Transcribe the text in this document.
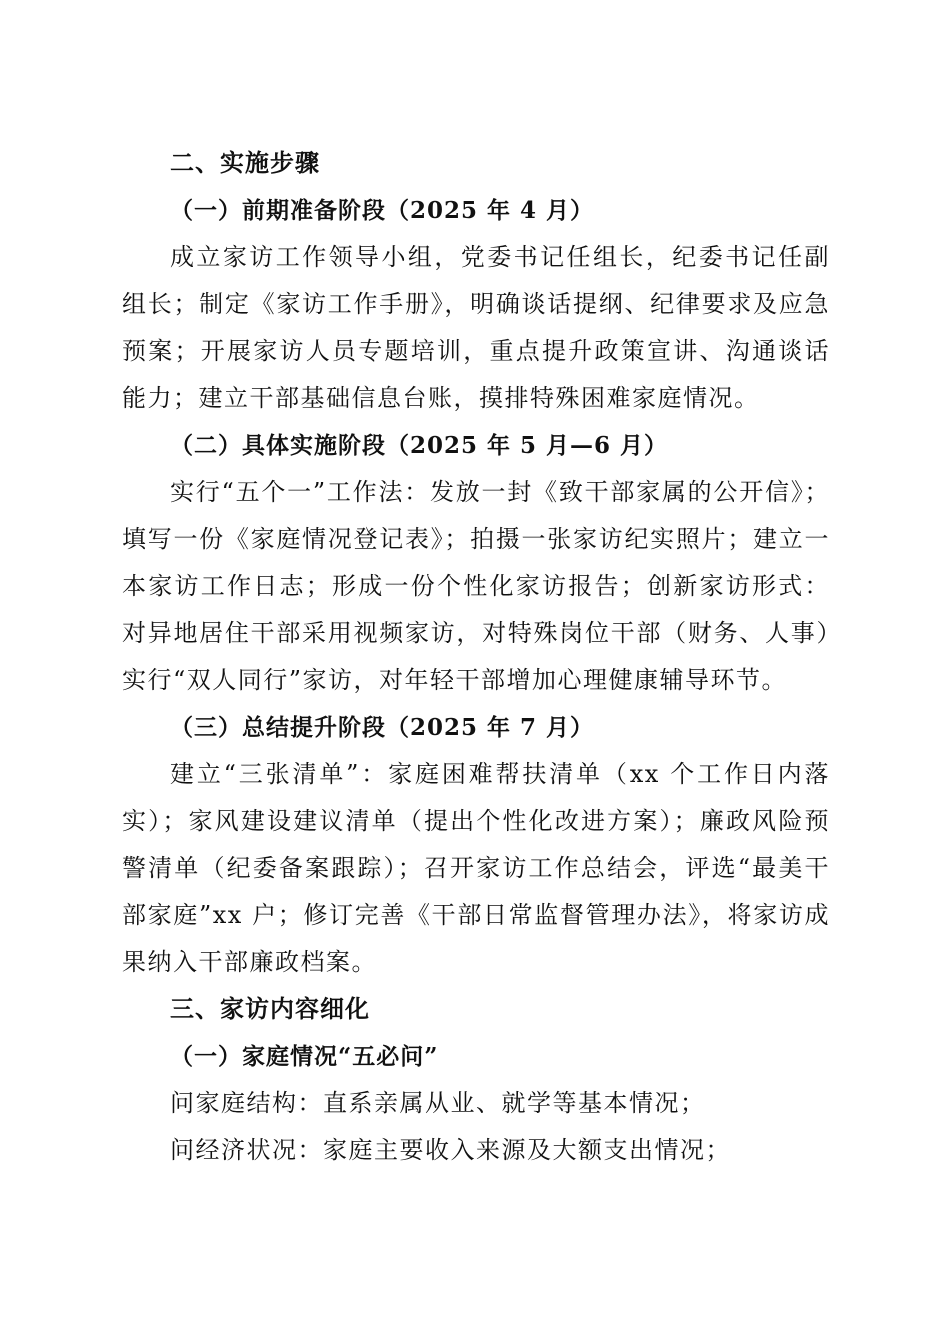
二、实施步骤
（一）前期准备阶段（2025 年 4 月）

成立家访工作领导小组，党委书记任组长，纪委书记任副组长；制定《家访工作手册》，明确谈话提纲、纪律要求及应急预案；开展家访人员专题培训，重点提升政策宣讲、沟通谈话能力；建立干部基础信息台账，摸排特殊困难家庭情况。

（二）具体实施阶段（2025 年 5 月—6 月）

实行“五个一”工作法：发放一封《致干部家属的公开信》；填写一份《家庭情况登记表》；拍摄一张家访纪实照片；建立一本家访工作日志；形成一份个性化家访报告；创新家访形式：对异地居住干部采用视频家访，对特殊岗位干部（财务、人事）实行“双人同行”家访，对年轻干部增加心理健康辅导环节。

（三）总结提升阶段（2025 年 7 月）

建立“三张清单”：家庭困难帮扶清单（xx 个工作日内落实）；家风建设建议清单（提出个性化改进方案）；廉政风险预警清单（纪委备案跟踪）；召开家访工作总结会，评选“最美干部家庭”xx 户；修订完善《干部日常监督管理办法》，将家访成果纳入干部廉政档案。

三、家访内容细化
（一）家庭情况“五必问”

问家庭结构：直系亲属从业、就学等基本情况；

问经济状况：家庭主要收入来源及大额支出情况；
